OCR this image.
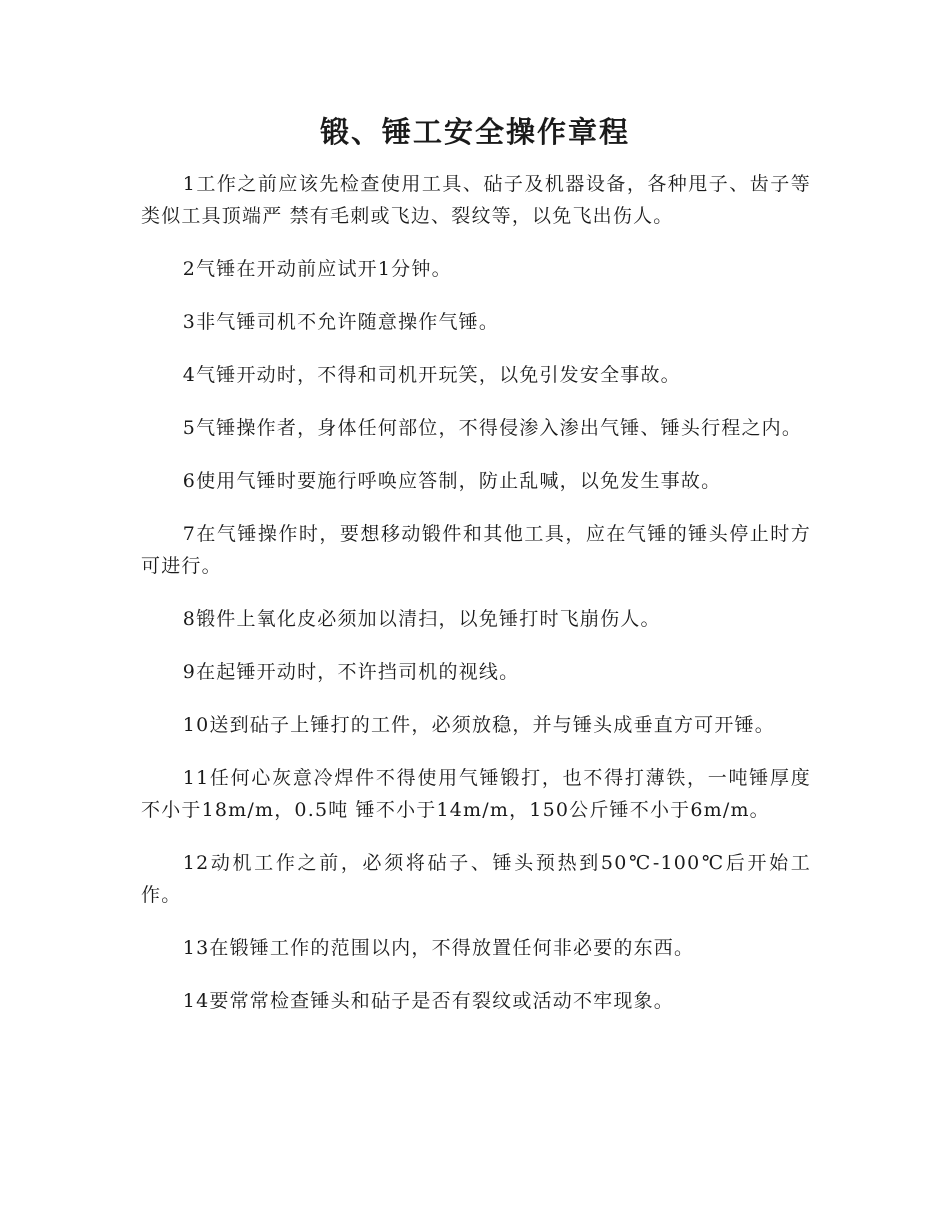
锻、锤工安全操作章程

1工作之前应该先检查使用工具、砧子及机器设备，各种甩子、齿子等类似工具顶端严 禁有毛刺或飞边、裂纹等，以免飞出伤人。

2气锤在开动前应试开1分钟。

3非气锤司机不允许随意操作气锤。

4气锤开动时，不得和司机开玩笑，以免引发安全事故。

5气锤操作者，身体任何部位，不得侵渗入渗出气锤、锤头行程之内。

6使用气锤时要施行呼唤应答制，防止乱喊，以免发生事故。

7在气锤操作时，要想移动锻件和其他工具，应在气锤的锤头停止时方可进行。

8锻件上氧化皮必须加以清扫，以免锤打时飞崩伤人。

9在起锤开动时，不许挡司机的视线。

10送到砧子上锤打的工件，必须放稳，并与锤头成垂直方可开锤。

11任何心灰意冷焊件不得使用气锤锻打，也不得打薄铁，一吨锤厚度不小于18m/m，0.5吨 锤不小于14m/m，150公斤锤不小于6m/m。

12动机工作之前，必须将砧子、锤头预热到50℃-100℃后开始工作。

13在锻锤工作的范围以内，不得放置任何非必要的东西。

14要常常检查锤头和砧子是否有裂纹或活动不牢现象。
